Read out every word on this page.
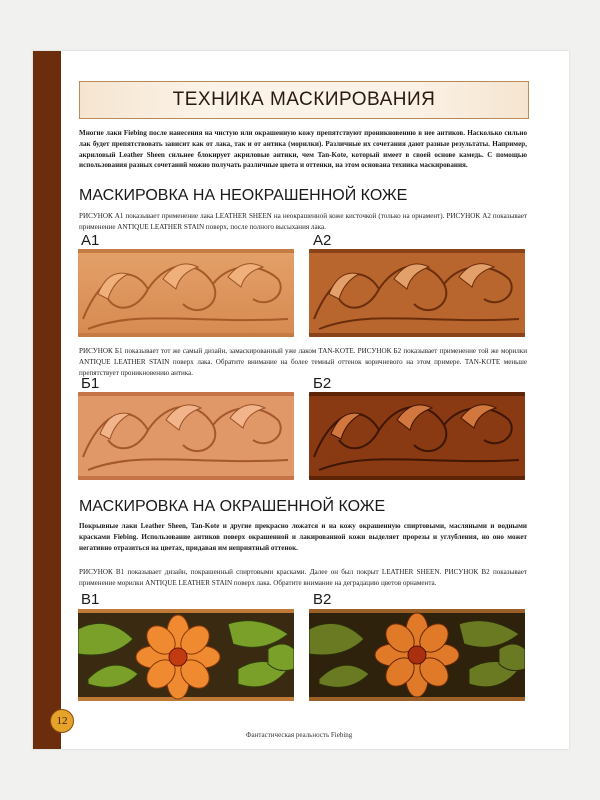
ТЕХНИКА МАСКИРОВАНИЯ
Многие лаки Fiebing после нанесения на чистую или окрашенную кожу препятствуют проникновению в нее антиков. Насколько сильно лак будет препятствовать зависит как от лака, так и от антика (морилки). Различные их сочетания дают разные результаты. Например, акриловый Leather Sheen сильнее блокирует акриловые антики, чем Tan-Kote, который имеет в своей основе камедь. С помощью использования разных сочетаний можно получать различные цвета и оттенки, на этом основана техника маскирования.
МАСКИРОВКА НА НЕОКРАШЕННОЙ КОЖЕ
РИСУНОК А1 показывает применение лака LEATHER SHEEN на неокрашенной коже кисточкой (только на орнамент). РИСУНОК А2 показывает применение ANTIQUE LEATHER STAIN поверх, после полного высыхания лака.
А1	А2
РИСУНОК Б1 показывает тот же самый дизайн, замаскированный уже лаком TAN-KOTE. РИСУНОК Б2 показывает применение той же морилки ANTIQUE LEATHER STAIN поверх лака. Обратите внимание на более темный оттенок коричневого на этом примере. TAN-KOTE меньше препятствует проникновению антика.
Б1	Б2
МАСКИРОВКА НА ОКРАШЕННОЙ КОЖЕ
Покрывные лаки Leather Sheen, Tan-Kote и другие прекрасно ложатся и на кожу окрашенную спиртовыми, масляными и водными красками Fiebing. Использование антиков поверх окрашенной и лакированной кожи выделяет прорезы и углубления, но оно может негативно отразиться на цветах, придавая им неприятный оттенок.
РИСУНОК В1 показывает дизайн, покрашенный спиртовыми красками. Далее он был покрыт LEATHER SHEEN. РИСУНОК В2 показывает применение морилки ANTIQUE LEATHER STAIN поверх лака. Обратите внимание на деградацию цветов орнамента.
В1	В2
12
Фантастическая реальность Fiebing
